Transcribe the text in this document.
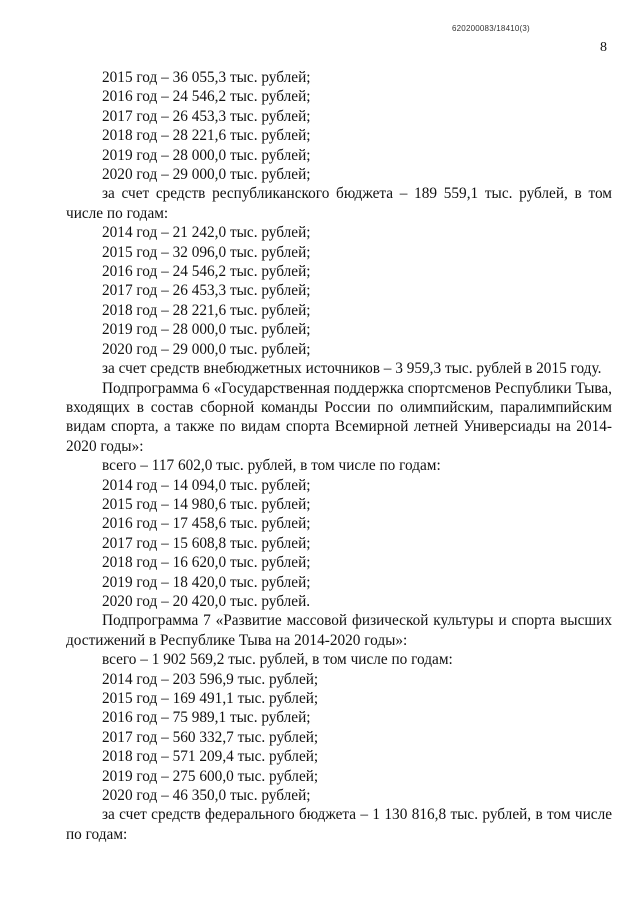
620200083/18410(3)
8
2015 год – 36 055,3 тыс. рублей;
2016 год – 24 546,2 тыс. рублей;
2017 год – 26 453,3 тыс. рублей;
2018 год – 28 221,6 тыс. рублей;
2019 год – 28 000,0 тыс. рублей;
2020 год – 29 000,0 тыс. рублей;
за счет средств республиканского бюджета – 189 559,1 тыс. рублей, в том числе по годам:
2014 год – 21 242,0 тыс. рублей;
2015 год – 32 096,0 тыс. рублей;
2016 год – 24 546,2 тыс. рублей;
2017 год – 26 453,3 тыс. рублей;
2018 год – 28 221,6 тыс. рублей;
2019 год – 28 000,0 тыс. рублей;
2020 год – 29 000,0 тыс. рублей;
за счет средств внебюджетных источников – 3 959,3 тыс. рублей в 2015 году.
Подпрограмма 6 «Государственная поддержка спортсменов Республики Тыва, входящих в состав сборной команды России по олимпийским, паралимпийским видам спорта, а также по видам спорта Всемирной летней Универсиады на 2014-2020 годы»:
всего – 117 602,0 тыс. рублей, в том числе по годам:
2014 год – 14 094,0 тыс. рублей;
2015 год – 14 980,6 тыс. рублей;
2016 год – 17 458,6 тыс. рублей;
2017 год – 15 608,8 тыс. рублей;
2018 год – 16 620,0 тыс. рублей;
2019 год – 18 420,0 тыс. рублей;
2020 год – 20 420,0 тыс. рублей.
Подпрограмма 7 «Развитие массовой физической культуры и спорта высших достижений в Республике Тыва на 2014-2020 годы»:
всего – 1 902 569,2 тыс. рублей, в том числе по годам:
2014 год – 203 596,9 тыс. рублей;
2015 год – 169 491,1 тыс. рублей;
2016 год – 75 989,1 тыс. рублей;
2017 год – 560 332,7 тыс. рублей;
2018 год – 571 209,4 тыс. рублей;
2019 год – 275 600,0 тыс. рублей;
2020 год – 46 350,0 тыс. рублей;
за счет средств федерального бюджета – 1 130 816,8 тыс. рублей, в том числе по годам:
